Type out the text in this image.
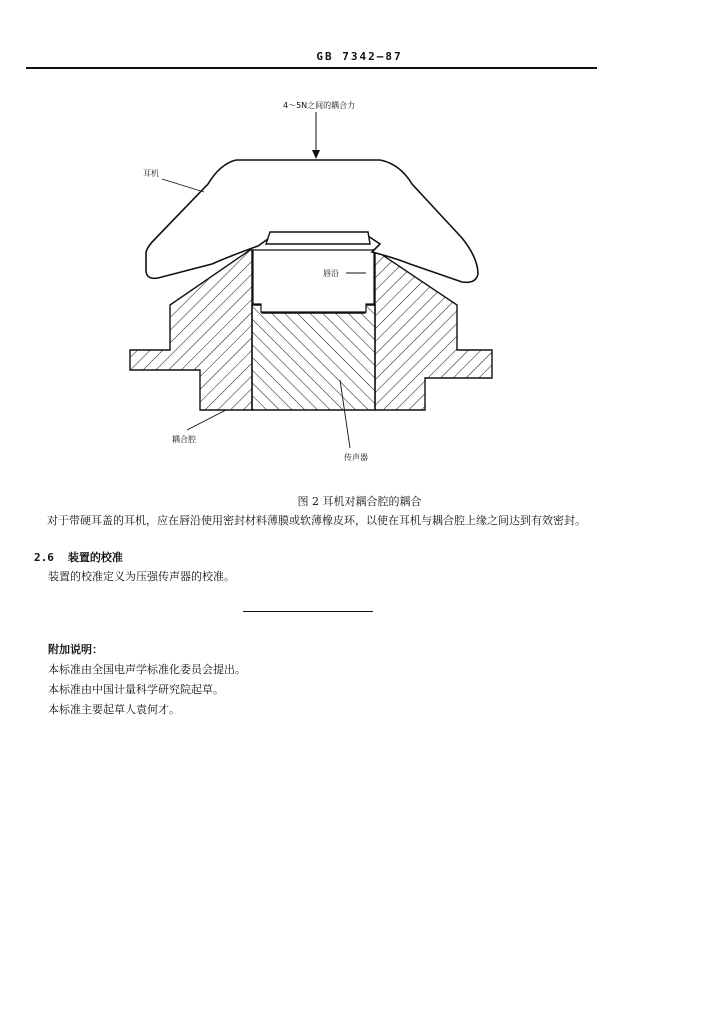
GB 7342—87
4～5N之间的耦合力
耳机
唇沿
耦合腔
传声器
图 2 耳机对耦合腔的耦合
对于带硬耳盖的耳机，应在唇沿使用密封材料薄膜或软薄橡皮环，以使在耳机与耦合腔上缘之间达到有效密封。
2.6 装置的校准
装置的校准定义为压强传声器的校准。
附加说明：
本标准由全国电声学标准化委员会提出。
本标准由中国计量科学研究院起草。
本标准主要起草人袁何才。
